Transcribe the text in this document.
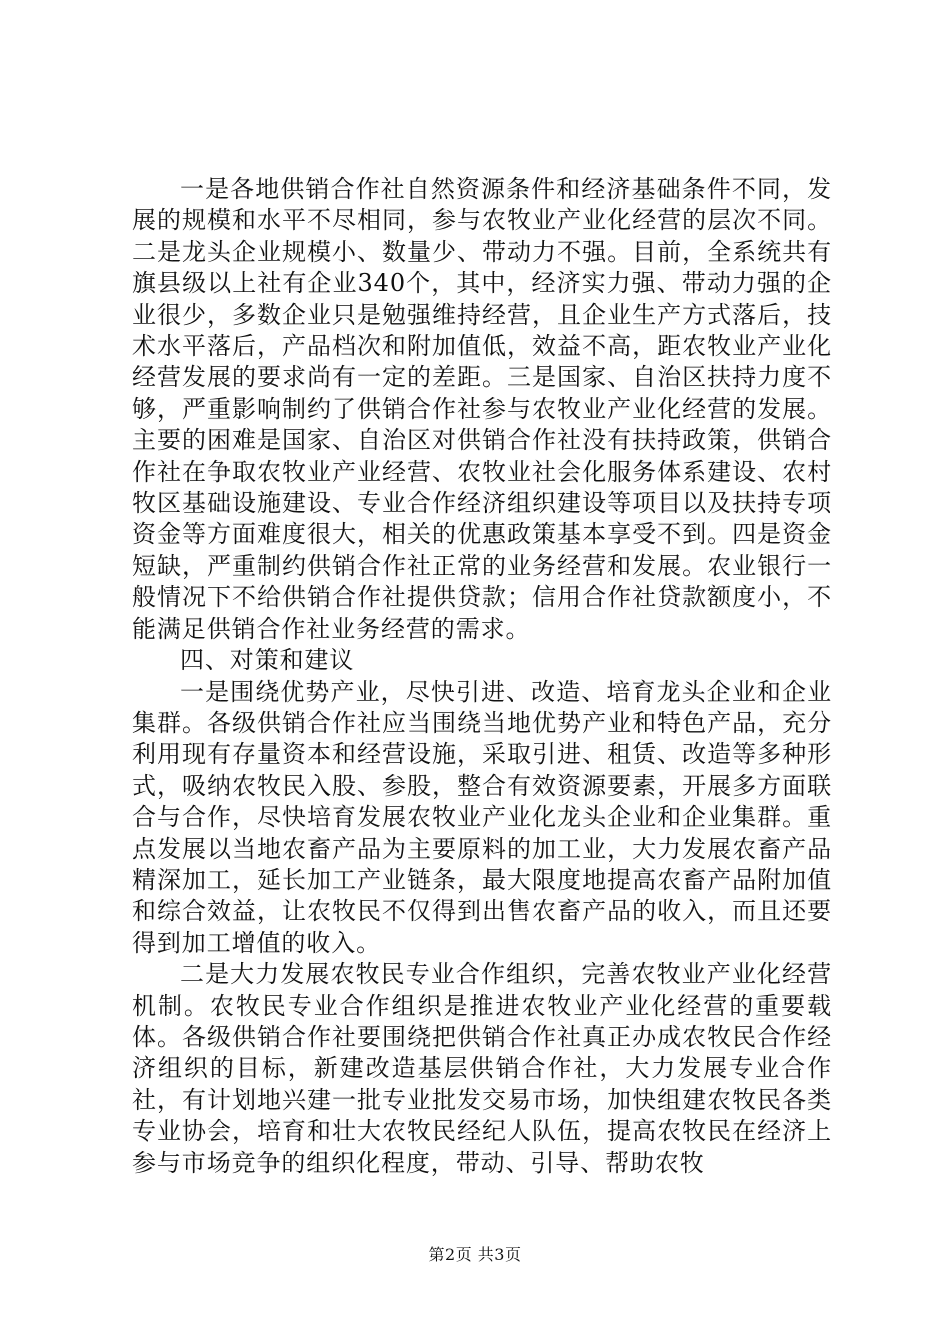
一是各地供销合作社自然资源条件和经济基础条件不同，发展的规模和水平不尽相同，参与农牧业产业化经营的层次不同。二是龙头企业规模小、数量少、带动力不强。目前，全系统共有旗县级以上社有企业340个，其中，经济实力强、带动力强的企业很少，多数企业只是勉强维持经营，且企业生产方式落后，技术水平落后，产品档次和附加值低，效益不高，距农牧业产业化经营发展的要求尚有一定的差距。三是国家、自治区扶持力度不够，严重影响制约了供销合作社参与农牧业产业化经营的发展。主要的困难是国家、自治区对供销合作社没有扶持政策，供销合作社在争取农牧业产业经营、农牧业社会化服务体系建设、农村牧区基础设施建设、专业合作经济组织建设等项目以及扶持专项资金等方面难度很大，相关的优惠政策基本享受不到。四是资金短缺，严重制约供销合作社正常的业务经营和发展。农业银行一般情况下不给供销合作社提供贷款；信用合作社贷款额度小，不能满足供销合作社业务经营的需求。

四、对策和建议

一是围绕优势产业，尽快引进、改造、培育龙头企业和企业集群。各级供销合作社应当围绕当地优势产业和特色产品，充分利用现有存量资本和经营设施，采取引进、租赁、改造等多种形式，吸纳农牧民入股、参股，整合有效资源要素，开展多方面联合与合作，尽快培育发展农牧业产业化龙头企业和企业集群。重点发展以当地农畜产品为主要原料的加工业，大力发展农畜产品精深加工，延长加工产业链条，最大限度地提高农畜产品附加值和综合效益，让农牧民不仅得到出售农畜产品的收入，而且还要得到加工增值的收入。

二是大力发展农牧民专业合作组织，完善农牧业产业化经营机制。农牧民专业合作组织是推进农牧业产业化经营的重要载体。各级供销合作社要围绕把供销合作社真正办成农牧民合作经济组织的目标，新建改造基层供销合作社，大力发展专业合作社，有计划地兴建一批专业批发交易市场，加快组建农牧民各类专业协会，培育和壮大农牧民经纪人队伍，提高农牧民在经济上参与市场竞争的组织化程度，带动、引导、帮助农牧

第2页 共3页
